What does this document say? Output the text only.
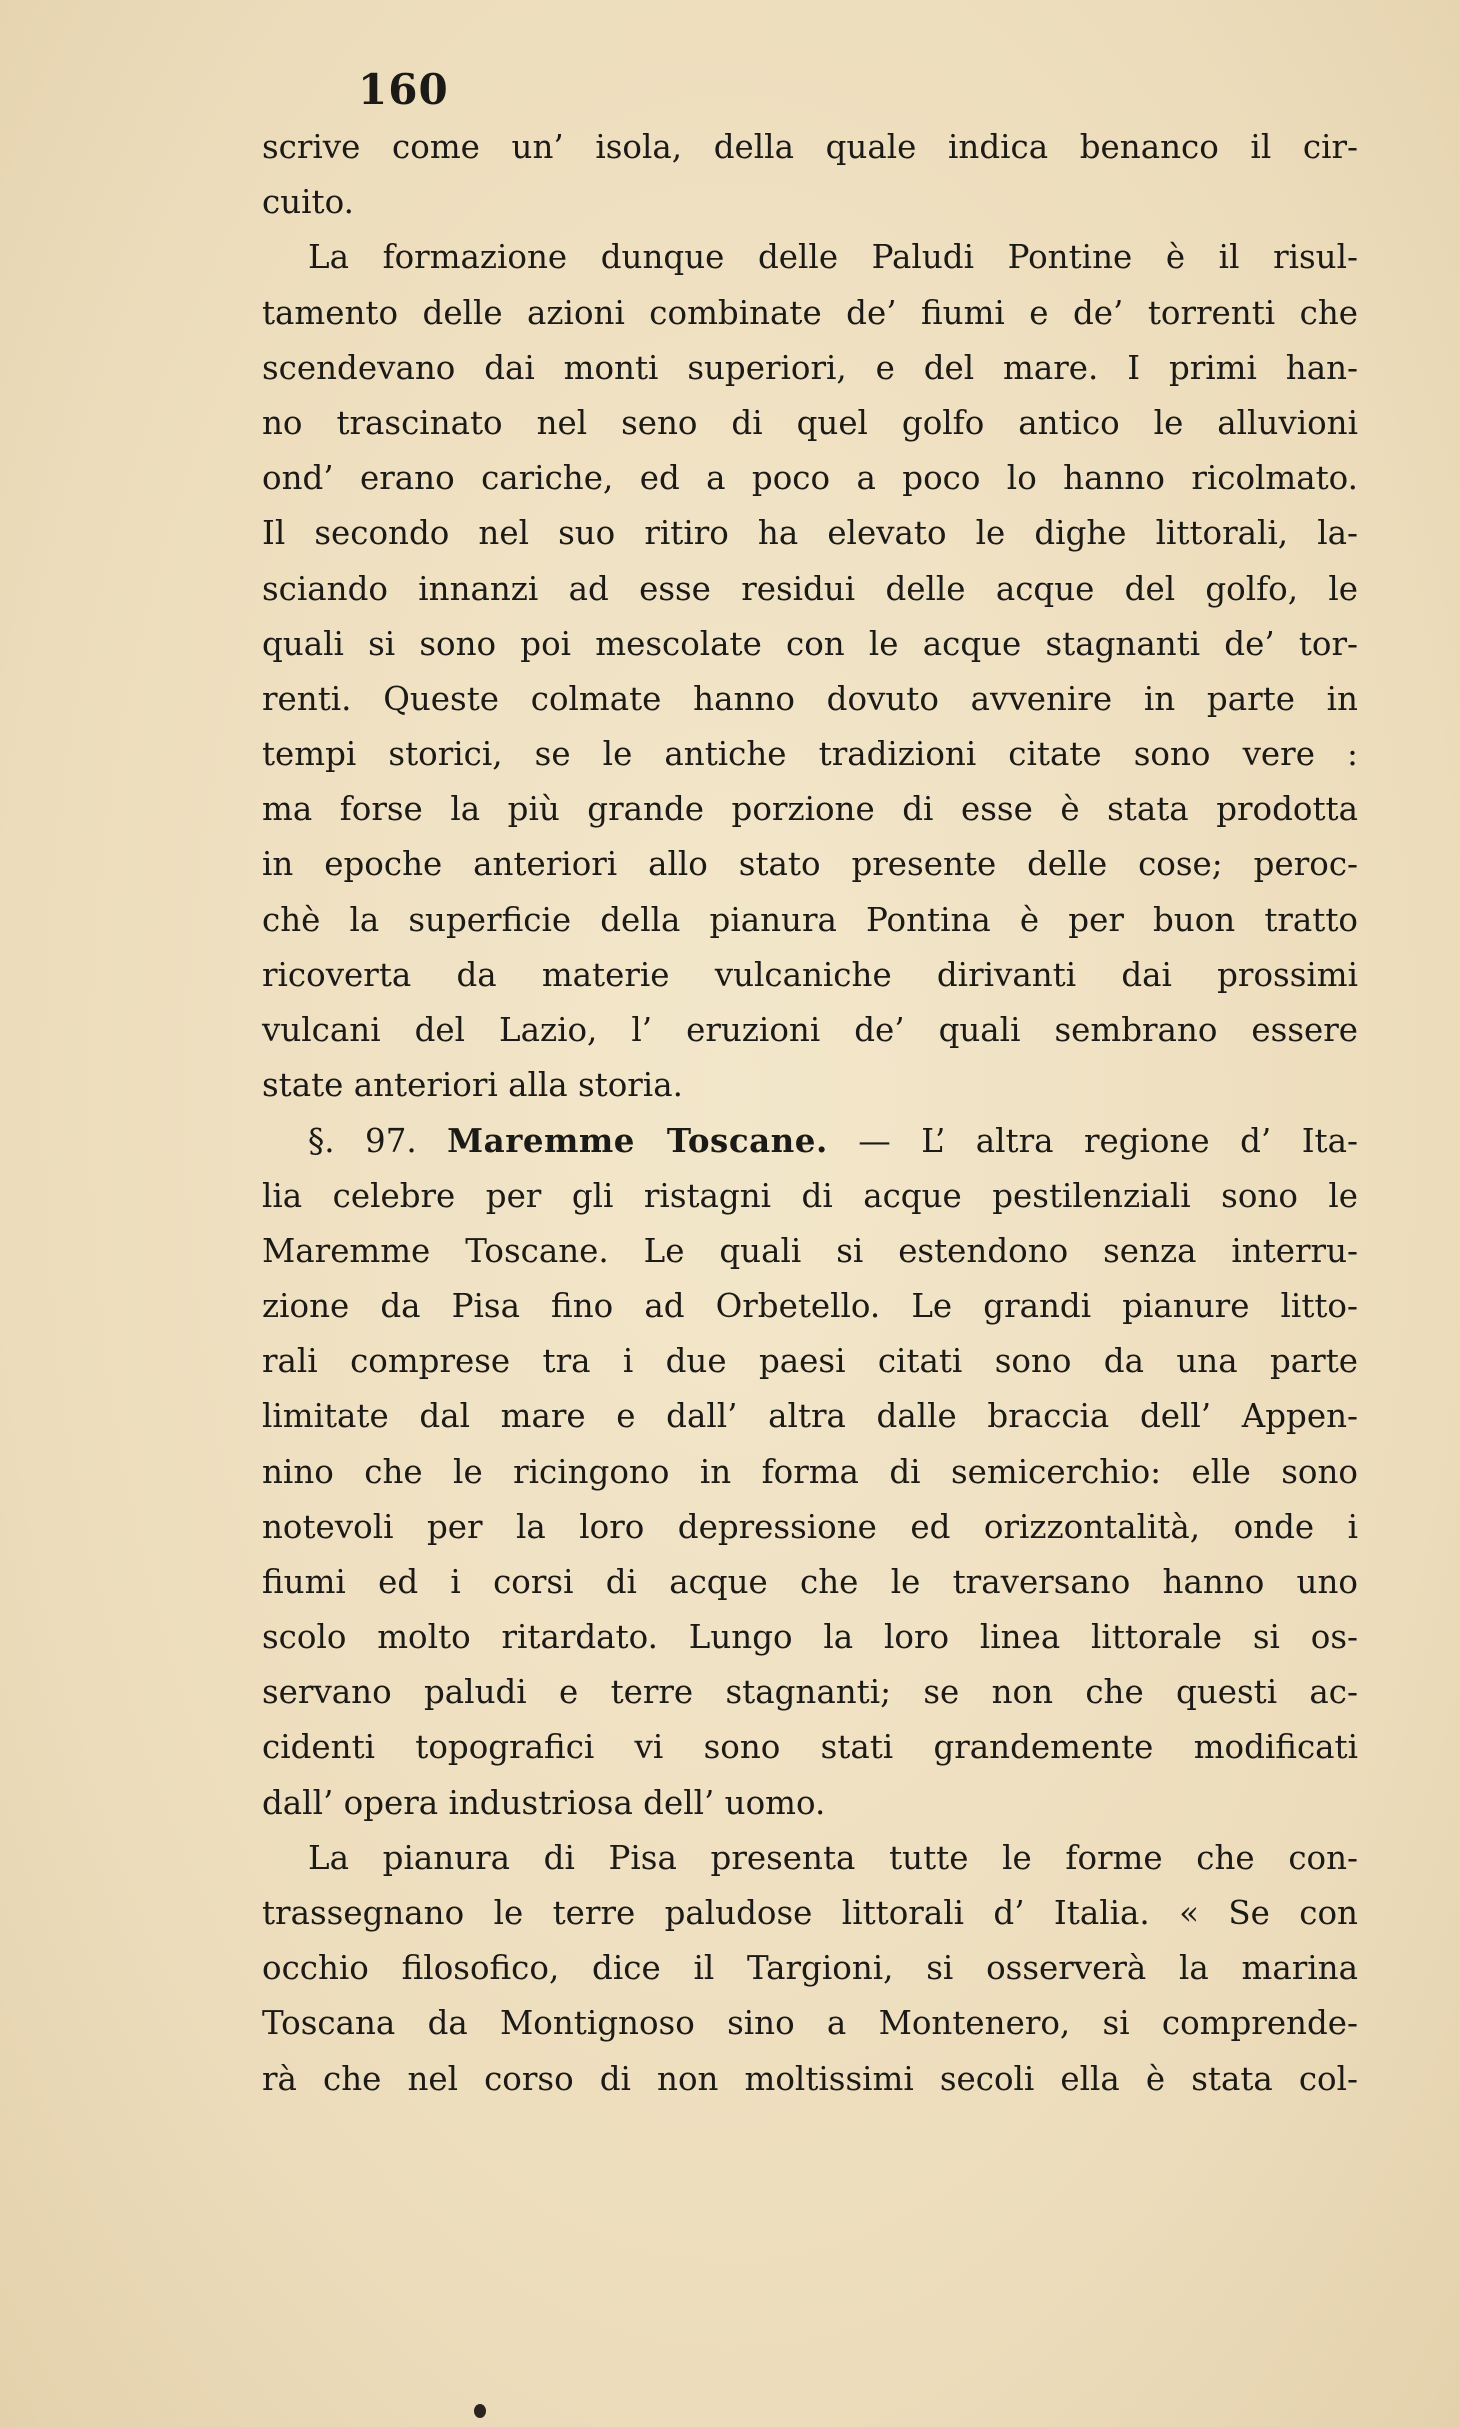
160
scrive come un’ isola, della quale indica benanco il cir-
cuito.
La formazione dunque delle Paludi Pontine è il risul-
tamento delle azioni combinate de’ fiumi e de’ torrenti che
scendevano dai monti superiori, e del mare. I primi han-
no trascinato nel seno di quel golfo antico le alluvioni
ond’ erano cariche, ed a poco a poco lo hanno ricolmato.
Il secondo nel suo ritiro ha elevato le dighe littorali, la-
sciando innanzi ad esse residui delle acque del golfo, le
quali si sono poi mescolate con le acque stagnanti de’ tor-
renti. Queste colmate hanno dovuto avvenire in parte in
tempi storici, se le antiche tradizioni citate sono vere :
ma forse la più grande porzione di esse è stata prodotta
in epoche anteriori allo stato presente delle cose; peroc-
chè la superficie della pianura Pontina è per buon tratto
ricoverta da materie vulcaniche dirivanti dai prossimi
vulcani del Lazio, l’ eruzioni de’ quali sembrano essere
state anteriori alla storia.
§. 97. Maremme Toscane. — L’ altra regione d’ Ita-
lia celebre per gli ristagni di acque pestilenziali sono le
Maremme Toscane. Le quali si estendono senza interru-
zione da Pisa fino ad Orbetello. Le grandi pianure litto-
rali comprese tra i due paesi citati sono da una parte
limitate dal mare e dall’ altra dalle braccia dell’ Appen-
nino che le ricingono in forma di semicerchio: elle sono
notevoli per la loro depressione ed orizzontalità, onde i
fiumi ed i corsi di acque che le traversano hanno uno
scolo molto ritardato. Lungo la loro linea littorale si os-
servano paludi e terre stagnanti; se non che questi ac-
cidenti topografici vi sono stati grandemente modificati
dall’ opera industriosa dell’ uomo.
La pianura di Pisa presenta tutte le forme che con-
trassegnano le terre paludose littorali d’ Italia. « Se con
occhio filosofico, dice il Targioni, si osserverà la marina
Toscana da Montignoso sino a Montenero, si comprende-
rà che nel corso di non moltissimi secoli ella è stata col-
